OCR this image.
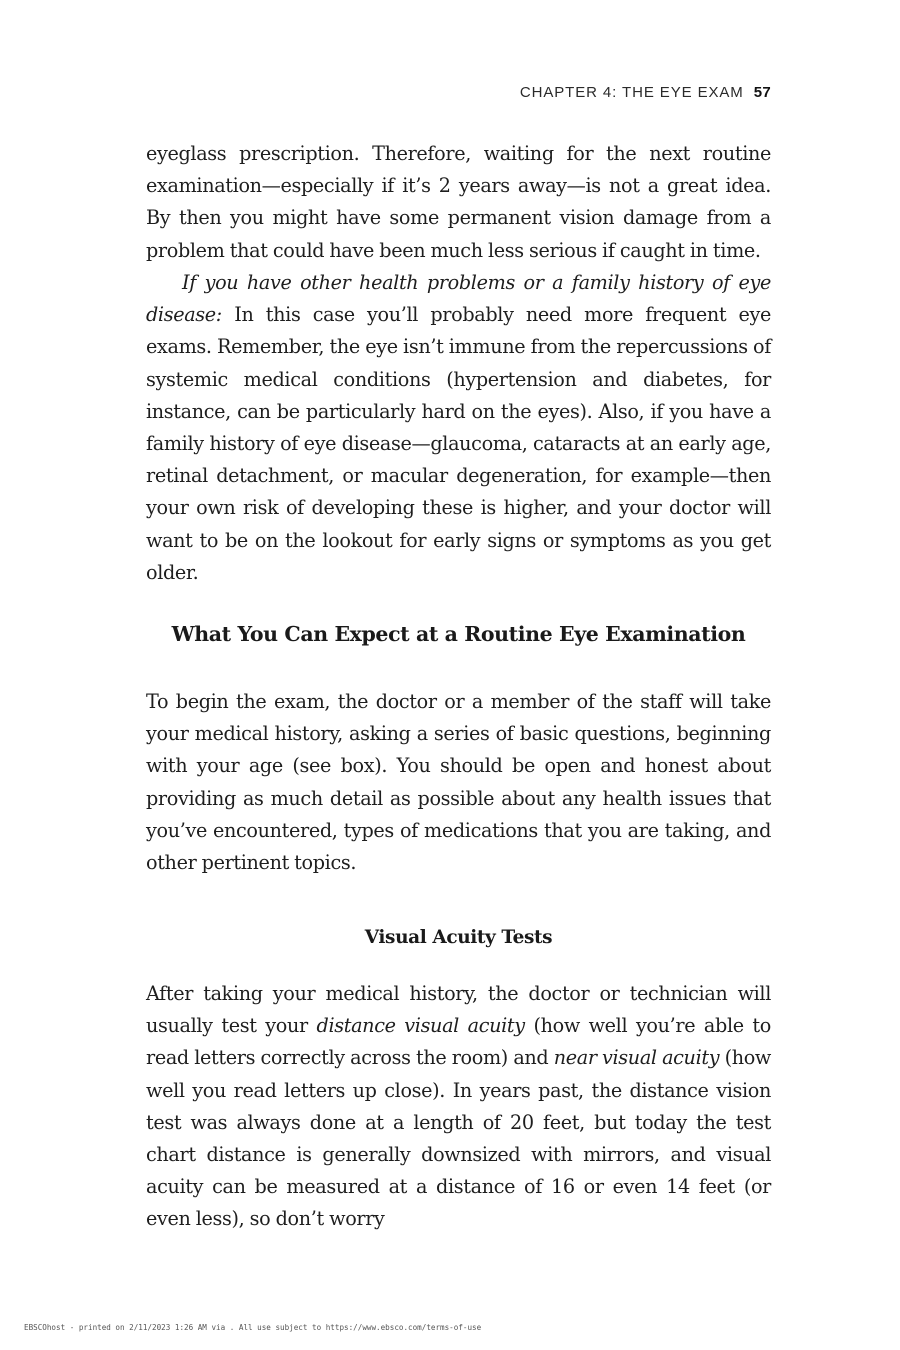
CHAPTER 4: THE EYE EXAM 57

eyeglass prescription. Therefore, waiting for the next routine examination—especially if it’s 2 years away—is not a great idea. By then you might have some permanent vision damage from a problem that could have been much less serious if caught in time.

If you have other health problems or a family history of eye disease: In this case you’ll probably need more frequent eye exams. Remember, the eye isn’t immune from the repercussions of systemic medical conditions (hypertension and diabetes, for instance, can be particularly hard on the eyes). Also, if you have a family history of eye disease—glaucoma, cataracts at an early age, retinal detachment, or macular degeneration, for example—then your own risk of developing these is higher, and your doctor will want to be on the lookout for early signs or symptoms as you get older.

What You Can Expect at a Routine Eye Examination

To begin the exam, the doctor or a member of the staff will take your medical history, asking a series of basic questions, beginning with your age (see box). You should be open and honest about providing as much detail as possible about any health issues that you’ve encountered, types of medications that you are taking, and other pertinent topics.

Visual Acuity Tests

After taking your medical history, the doctor or technician will usually test your distance visual acuity (how well you’re able to read letters correctly across the room) and near visual acuity (how well you read letters up close). In years past, the distance vision test was always done at a length of 20 feet, but today the test chart distance is generally downsized with mirrors, and visual acuity can be measured at a distance of 16 or even 14 feet (or even less), so don’t worry

EBSCOhost - printed on 2/11/2023 1:26 AM via . All use subject to https://www.ebsco.com/terms-of-use
